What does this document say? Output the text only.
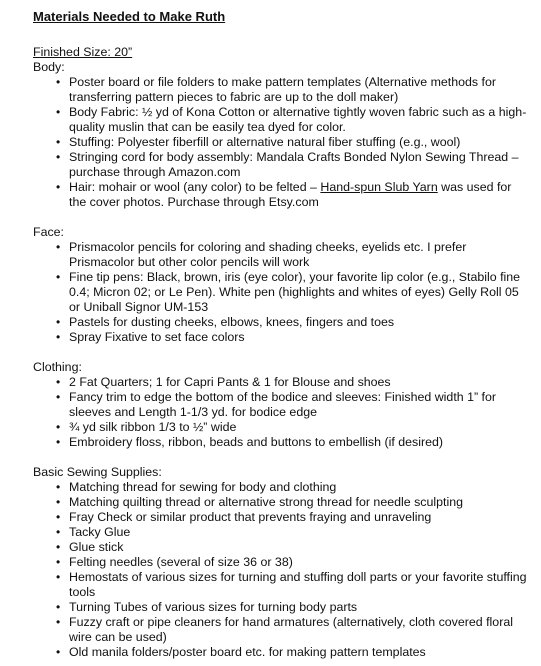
Materials Needed to Make Ruth

Finished Size: 20”

Body:

• Poster board or file folders to make pattern templates (Alternative methods for transferring pattern pieces to fabric are up to the doll maker)
• Body Fabric: ½ yd of Kona Cotton or alternative tightly woven fabric such as a high-quality muslin that can be easily tea dyed for color.
• Stuffing: Polyester fiberfill or alternative natural fiber stuffing (e.g., wool)
• Stringing cord for body assembly: Mandala Crafts Bonded Nylon Sewing Thread – purchase through Amazon.com
• Hair: mohair or wool (any color) to be felted – Hand-spun Slub Yarn was used for the cover photos. Purchase through Etsy.com

Face:

• Prismacolor pencils for coloring and shading cheeks, eyelids etc. I prefer Prismacolor but other color pencils will work
• Fine tip pens: Black, brown, iris (eye color), your favorite lip color (e.g., Stabilo fine 0.4; Micron 02; or Le Pen). White pen (highlights and whites of eyes) Gelly Roll 05 or Uniball Signor UM-153
• Pastels for dusting cheeks, elbows, knees, fingers and toes
• Spray Fixative to set face colors

Clothing:

• 2 Fat Quarters; 1 for Capri Pants & 1 for Blouse and shoes
• Fancy trim to edge the bottom of the bodice and sleeves: Finished width 1” for sleeves and Length 1-1/3 yd. for bodice edge
• ¾ yd silk ribbon 1/3 to ½” wide
• Embroidery floss, ribbon, beads and buttons to embellish (if desired)

Basic Sewing Supplies:

• Matching thread for sewing for body and clothing
• Matching quilting thread or alternative strong thread for needle sculpting
• Fray Check or similar product that prevents fraying and unraveling
• Tacky Glue
• Glue stick
• Felting needles (several of size 36 or 38)
• Hemostats of various sizes for turning and stuffing doll parts or your favorite stuffing tools
• Turning Tubes of various sizes for turning body parts
• Fuzzy craft or pipe cleaners for hand armatures (alternatively, cloth covered floral wire can be used)
• Old manila folders/poster board etc. for making pattern templates
